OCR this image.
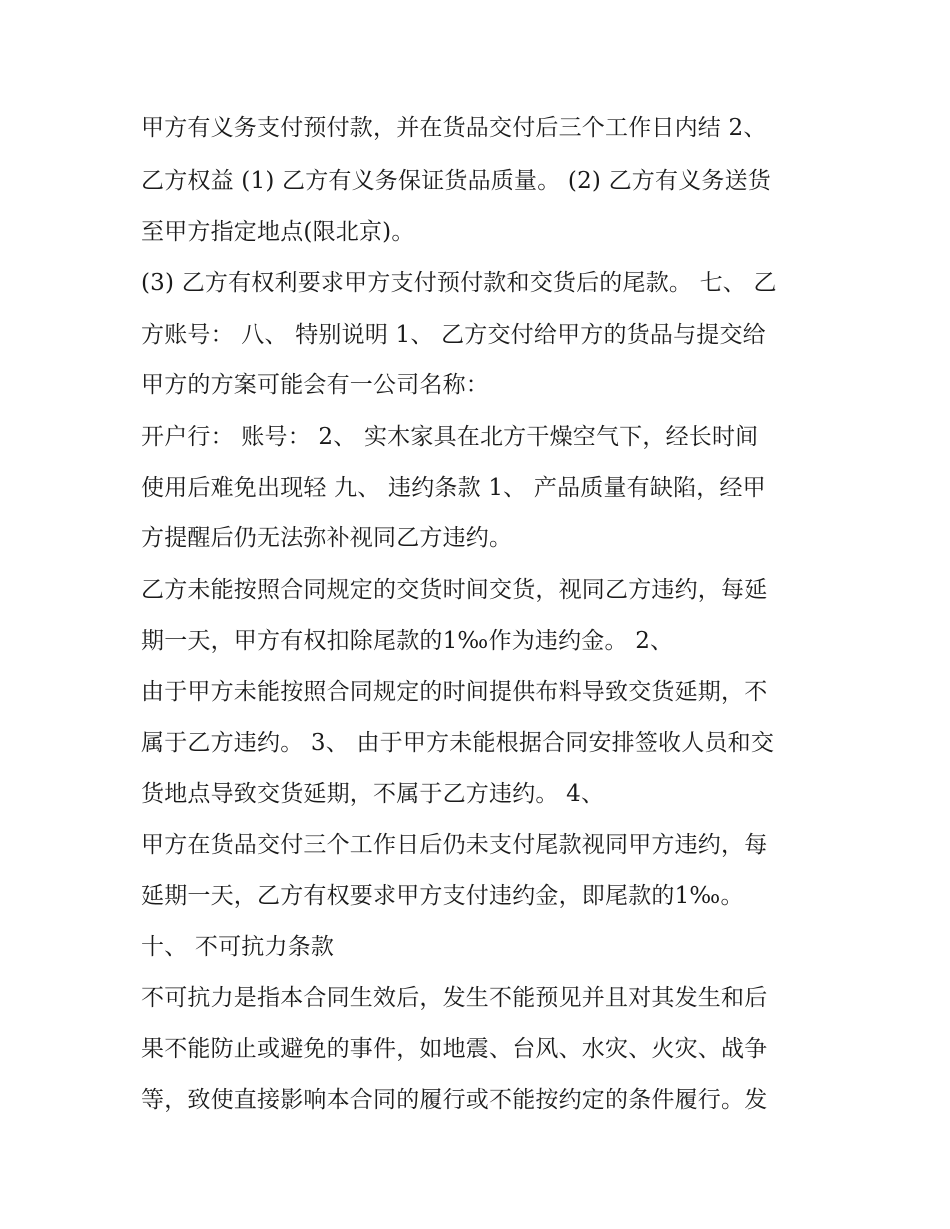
甲方有义务支付预付款，并在货品交付后三个工作日内结 2、
乙方权益 (1) 乙方有义务保证货品质量。 (2) 乙方有义务送货
至甲方指定地点(限北京)。
(3) 乙方有权利要求甲方支付预付款和交货后的尾款。 七、 乙
方账号： 八、 特别说明 1、 乙方交付给甲方的货品与提交给
甲方的方案可能会有一公司名称：
开户行： 账号： 2、 实木家具在北方干燥空气下，经长时间
使用后难免出现轻 九、 违约条款 1、 产品质量有缺陷，经甲
方提醒后仍无法弥补视同乙方违约。
乙方未能按照合同规定的交货时间交货，视同乙方违约，每延
期一天，甲方有权扣除尾款的1‰作为违约金。 2、
由于甲方未能按照合同规定的时间提供布料导致交货延期，不
属于乙方违约。 3、 由于甲方未能根据合同安排签收人员和交
货地点导致交货延期，不属于乙方违约。 4、
甲方在货品交付三个工作日后仍未支付尾款视同甲方违约，每
延期一天，乙方有权要求甲方支付违约金，即尾款的1‰。
十、 不可抗力条款
不可抗力是指本合同生效后，发生不能预见并且对其发生和后
果不能防止或避免的事件，如地震、台风、水灾、火灾、战争
等，致使直接影响本合同的履行或不能按约定的条件履行。发
